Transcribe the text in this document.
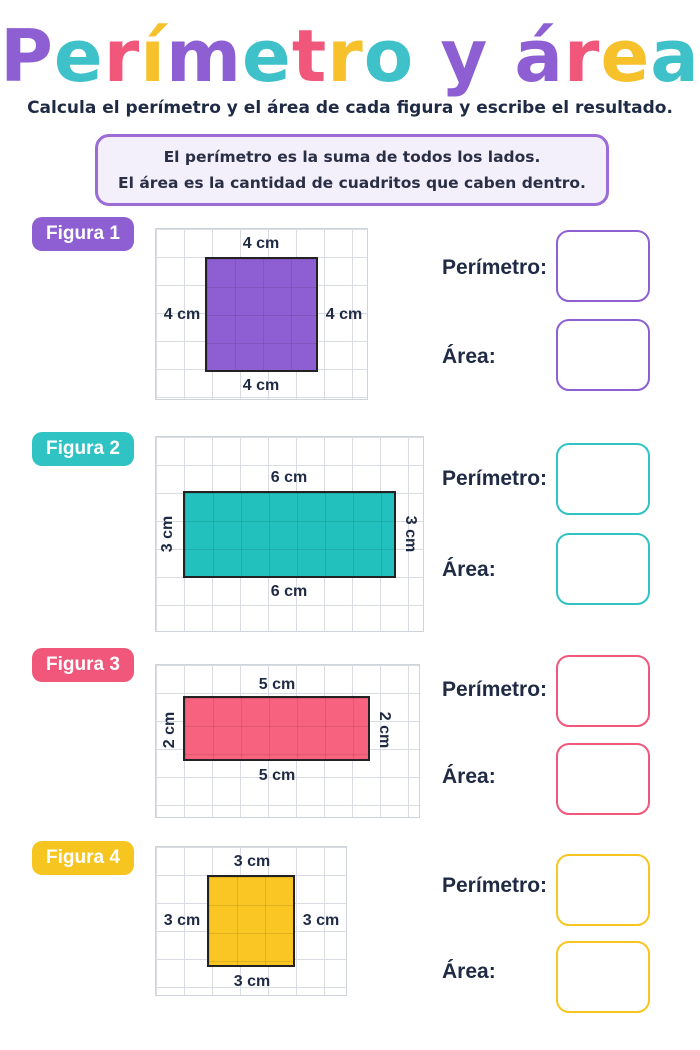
Perímetro y área
Calcula el perímetro y el área de cada figura y escribe el resultado.
El perímetro es la suma de todos los lados.
El área es la cantidad de cuadritos que caben dentro.
Figura 1	4 cm
4 cm
4 cm	4 cm
Perímetro:
Área:
Figura 2
6 cm
6 cm
3 cm	3 cm
Perímetro:
Área:
Figura 3
5 cm
5 cm
2 cm	2 cm
Perímetro:
Área:
Figura 4	3 cm
3 cm
3 cm	3 cm
Perímetro:
Área:
